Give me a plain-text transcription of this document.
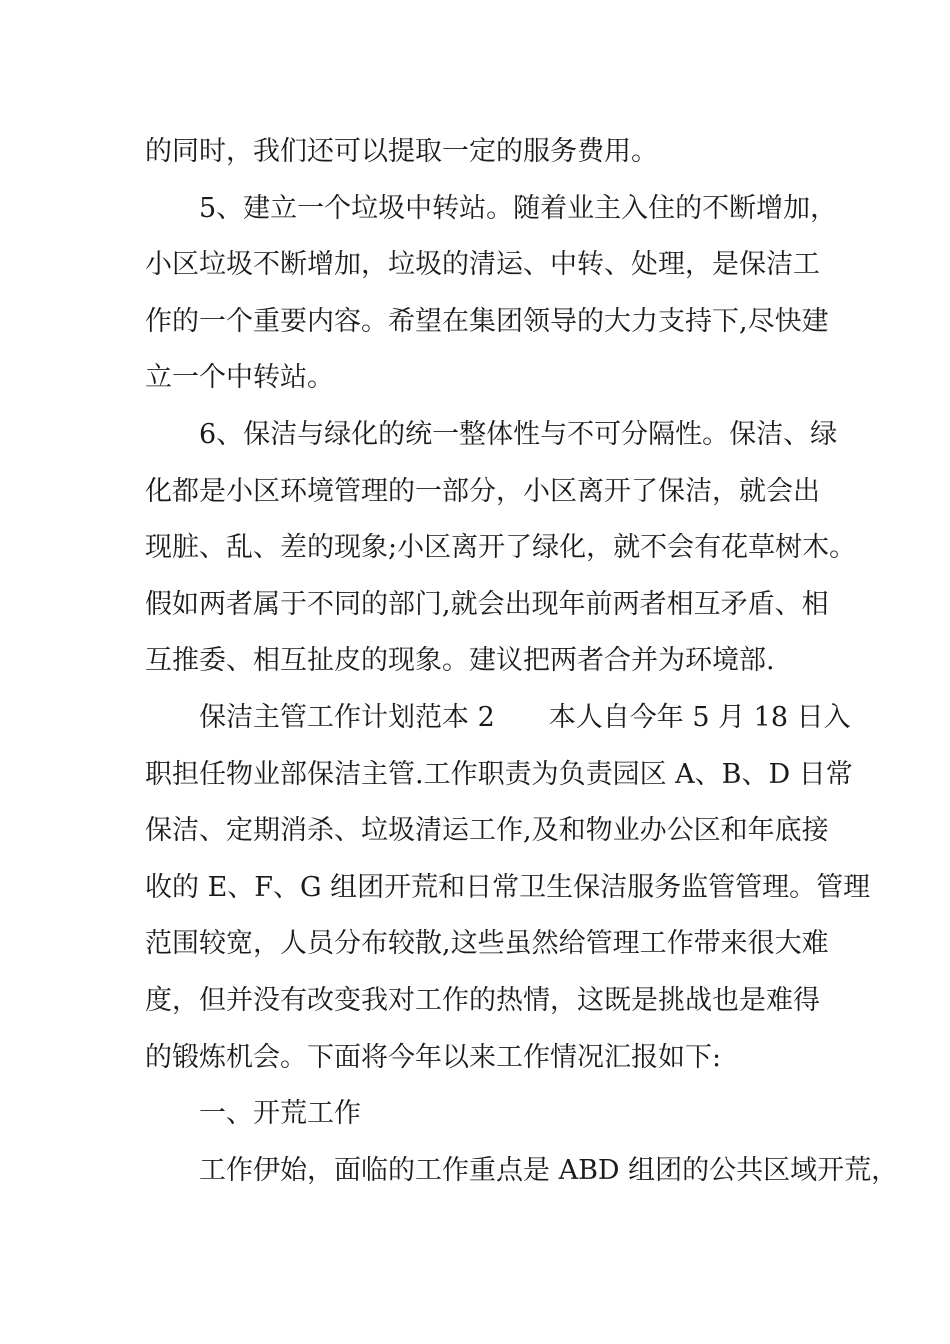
的同时，我们还可以提取一定的服务费用。
5、建立一个垃圾中转站。随着业主入住的不断增加，
小区垃圾不断增加，垃圾的清运、中转、处理，是保洁工
作的一个重要内容。希望在集团领导的大力支持下,尽快建
立一个中转站。
6、保洁与绿化的统一整体性与不可分隔性。保洁、绿
化都是小区环境管理的一部分，小区离开了保洁，就会出
现脏、乱、差的现象;小区离开了绿化，就不会有花草树木。
假如两者属于不同的部门,就会出现年前两者相互矛盾、相
互推委、相互扯皮的现象。建议把两者合并为环境部.
保洁主管工作计划范本 2　　本人自今年 5 月 18 日入
职担任物业部保洁主管.工作职责为负责园区 A、B、D 日常
保洁、定期消杀、垃圾清运工作,及和物业办公区和年底接
收的 E、F、G 组团开荒和日常卫生保洁服务监管管理。管理
范围较宽，人员分布较散,这些虽然给管理工作带来很大难
度，但并没有改变我对工作的热情，这既是挑战也是难得
的锻炼机会。下面将今年以来工作情况汇报如下:
一、开荒工作
工作伊始，面临的工作重点是 ABD 组团的公共区域开荒，
